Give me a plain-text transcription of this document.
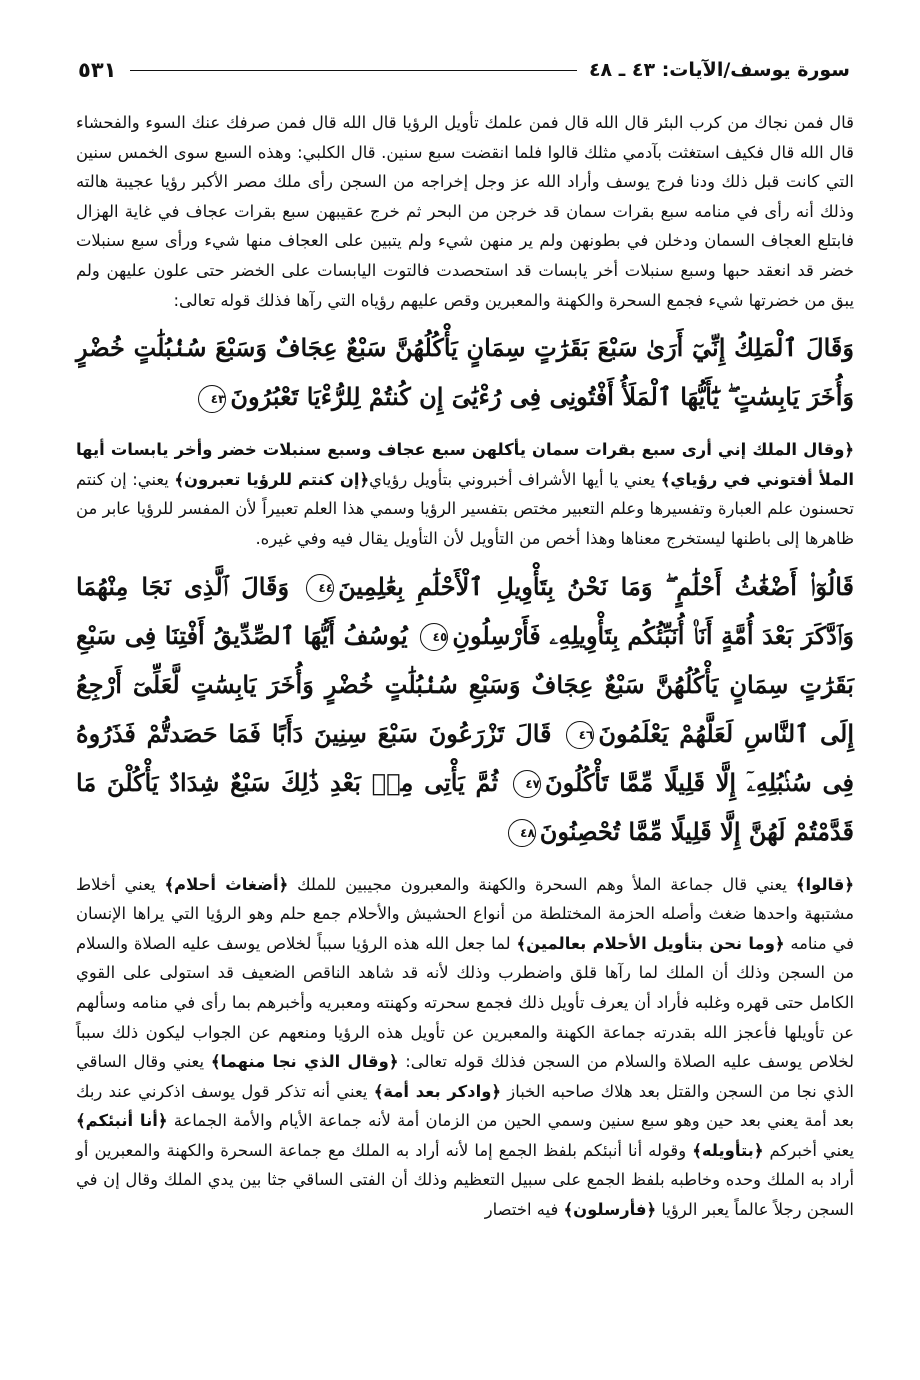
سورة يوسف/الآيات: ٤٣ ـ ٤٨
٥٣١

قال فمن نجاك من كرب البئر قال الله قال فمن علمك تأويل الرؤيا قال الله قال فمن صرفك عنك السوء والفحشاء قال الله قال فكيف استغثت بآدمي مثلك قالوا فلما انقضت سبع سنين. قال الكلبي: وهذه السبع سوى الخمس سنين التي كانت قبل ذلك ودنا فرج يوسف وأراد الله عز وجل إخراجه من السجن رأى ملك مصر الأكبر رؤيا عجيبة هالته وذلك أنه رأى في منامه سبع بقرات سمان قد خرجن من البحر ثم خرج عقيبهن سبع بقرات عجاف في غاية الهزال فابتلع العجاف السمان ودخلن في بطونهن ولم ير منهن شيء ولم يتبين على العجاف منها شيء ورأى سبع سنبلات خضر قد انعقد حبها وسبع سنبلات أخر يابسات قد استحصدت فالتوت اليابسات على الخضر حتى علون عليهن ولم يبق من خضرتها شيء فجمع السحرة والكهنة والمعبرين وقص عليهم رؤياه التي رآها فذلك قوله تعالى:

وَقَالَ ٱلْمَلِكُ إِنِّيٓ أَرَىٰ سَبْعَ بَقَرَٰتٍ سِمَانٍ يَأْكُلُهُنَّ سَبْعٌ عِجَافٌ وَسَبْعَ سُنۢبُلَٰتٍ خُضْرٍ وَأُخَرَ يَابِسَٰتٍ ۖ يَٰٓأَيُّهَا ٱلْمَلَأُ أَفْتُونِى فِى رُءْيَٰىَ إِن كُنتُمْ لِلرُّءْيَا تَعْبُرُونَ٤٣

﴿وقال الملك إني أرى سبع بقرات سمان يأكلهن سبع عجاف وسبع سنبلات خضر وأخر يابسات أيها الملأ أفتوني في رؤياي﴾ يعني يا أيها الأشراف أخبروني بتأويل رؤياي﴿إن كنتم للرؤيا تعبرون﴾ يعني: إن كنتم تحسنون علم العبارة وتفسيرها وعلم التعبير مختص بتفسير الرؤيا وسمي هذا العلم تعبيراً لأن المفسر للرؤيا عابر من ظاهرها إلى باطنها ليستخرج معناها وهذا أخص من التأويل لأن التأويل يقال فيه وفي غيره.

قَالُوٓا۟ أَضْغَٰثُ أَحْلَٰمٍ ۖ وَمَا نَحْنُ بِتَأْوِيلِ ٱلْأَحْلَٰمِ بِعَٰلِمِينَ٤٤ وَقَالَ ٱلَّذِى نَجَا مِنْهُمَا وَٱدَّكَرَ بَعْدَ أُمَّةٍ أَنَا۠ أُنَبِّئُكُم بِتَأْوِيلِهِۦ فَأَرْسِلُونِ٤٥ يُوسُفُ أَيُّهَا ٱلصِّدِّيقُ أَفْتِنَا فِى سَبْعِ بَقَرَٰتٍ سِمَانٍ يَأْكُلُهُنَّ سَبْعٌ عِجَافٌ وَسَبْعِ سُنۢبُلَٰتٍ خُضْرٍ وَأُخَرَ يَابِسَٰتٍ لَّعَلِّىٓ أَرْجِعُ إِلَى ٱلنَّاسِ لَعَلَّهُمْ يَعْلَمُونَ٤٦ قَالَ تَزْرَعُونَ سَبْعَ سِنِينَ دَأَبًا فَمَا حَصَدتُّمْ فَذَرُوهُ فِى سُنۢبُلِهِۦٓ إِلَّا قَلِيلًا مِّمَّا تَأْكُلُونَ٤٧ ثُمَّ يَأْتِى مِنۢ بَعْدِ ذَٰلِكَ سَبْعٌ شِدَادٌ يَأْكُلْنَ مَا قَدَّمْتُمْ لَهُنَّ إِلَّا قَلِيلًا مِّمَّا تُحْصِنُونَ٤٨

﴿قالوا﴾ يعني قال جماعة الملأ وهم السحرة والكهنة والمعبرون مجيبين للملك ﴿أضغاث أحلام﴾ يعني أخلاط مشتبهة واحدها ضغث وأصله الحزمة المختلطة من أنواع الحشيش والأحلام جمع حلم وهو الرؤيا التي يراها الإنسان في منامه ﴿وما نحن بتأويل الأحلام بعالمين﴾ لما جعل الله هذه الرؤيا سبباً لخلاص يوسف عليه الصلاة والسلام من السجن وذلك أن الملك لما رآها قلق واضطرب وذلك لأنه قد شاهد الناقص الضعيف قد استولى على القوي الكامل حتى قهره وغلبه فأراد أن يعرف تأويل ذلك فجمع سحرته وكهنته ومعبريه وأخبرهم بما رأى في منامه وسألهم عن تأويلها فأعجز الله بقدرته جماعة الكهنة والمعبرين عن تأويل هذه الرؤيا ومنعهم عن الجواب ليكون ذلك سبباً لخلاص يوسف عليه الصلاة والسلام من السجن فذلك قوله تعالى: ﴿وقال الذي نجا منهما﴾ يعني وقال الساقي الذي نجا من السجن والقتل بعد هلاك صاحبه الخباز ﴿وادكر بعد أمة﴾ يعني أنه تذكر قول يوسف اذكرني عند ربك بعد أمة يعني بعد حين وهو سبع سنين وسمي الحين من الزمان أمة لأنه جماعة الأيام والأمة الجماعة ﴿أنا أنبئكم﴾ يعني أخبركم ﴿بتأويله﴾ وقوله أنا أنبئكم بلفظ الجمع إما لأنه أراد به الملك مع جماعة السحرة والكهنة والمعبرين أو أراد به الملك وحده وخاطبه بلفظ الجمع على سبيل التعظيم وذلك أن الفتى الساقي جثا بين يدي الملك وقال إن في السجن رجلاً عالماً يعبر الرؤيا ﴿فأرسلون﴾ فيه اختصار
